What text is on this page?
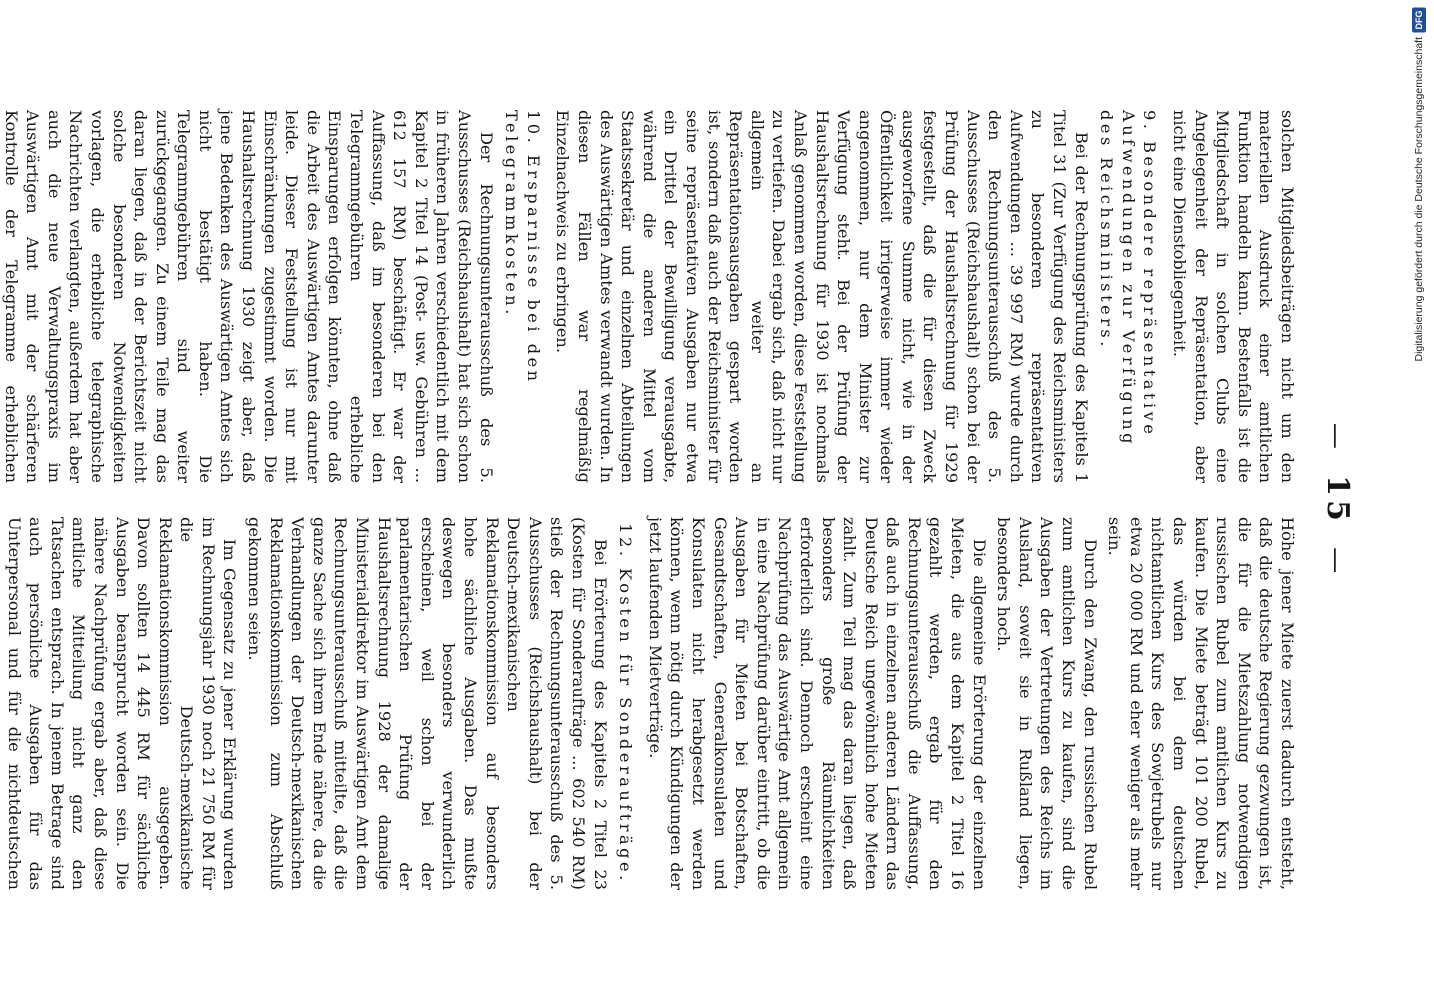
— 15 —

solchen Mitgliedsbeiträgen nicht um den materiellen Ausdruck einer amtlichen Funktion handeln kann. Bestenfalls ist die Mitgliedschaft in solchen Clubs eine Angelegenheit der Repräsentation, aber nicht eine Dienstobliegenheit.

9. Besondere repräsentative Aufwendungen zur Verfügung des Reichsministers.

Bei der Rechnungsprüfung des Kapitels 1 Titel 31 (Zur Verfügung des Reichsministers zu besonderen repräsentativen Aufwendungen ... 39 997 RM) wurde durch den Rechnungsunterausschuß des 5. Ausschusses (Reichshaushalt) schon bei der Prüfung der Haushaltsrechnung für 1929 festgestellt, daß die für diesen Zweck ausgeworfene Summe nicht, wie in der Öffentlichkeit irrigerweise immer wieder angenommen, nur dem Minister zur Verfügung steht. Bei der Prüfung der Haushaltsrechnung für 1930 ist nochmals Anlaß genommen worden, diese Feststellung zu vertiefen. Dabei ergab sich, daß nicht nur allgemein weiter an Repräsentationsausgaben gespart worden ist, sondern daß auch der Reichsminister für seine repräsentativen Ausgaben nur etwa ein Drittel der Bewilligung verausgabte, während die anderen Mittel vom Staatssekretär und einzelnen Abteilungen des Auswärtigen Amtes verwandt wurden. In diesen Fällen war regelmäßig Einzelnachweis zu erbringen.

10. Ersparnisse bei den Telegrammkosten.

Der Rechnungsunterausschuß des 5. Ausschusses (Reichshaushalt) hat sich schon in früheren Jahren verschiedentlich mit dem Kapitel 2 Titel 14 (Post- usw. Gebühren ... 612 157 RM) beschäftigt. Er war der Auffassung, daß im besonderen bei den Telegrammgebühren erhebliche Einsparungen erfolgen könnten, ohne daß die Arbeit des Auswärtigen Amtes darunter leide. Dieser Feststellung ist nur mit Einschränkungen zugestimmt worden. Die Haushaltsrechnung 1930 zeigt aber, daß jene Bedenken des Auswärtigen Amtes sich nicht bestätigt haben. Die Telegrammgebühren sind weiter zurückgegangen. Zu einem Teile mag das daran liegen, daß in der Berichtszeit nicht solche besonderen Notwendigkeiten vorlagen, die erhebliche telegraphische Nachrichten verlangten, außerdem hat aber auch die neue Verwaltungspraxis im Auswärtigen Amt mit der schärferen Kontrolle der Telegramme erheblichen

Höhe jener Miete zuerst dadurch entsteht, daß die deutsche Regierung gezwungen ist, die für die Mietszahlung notwendigen russischen Rubel zum amtlichen Kurs zu kaufen. Die Miete beträgt 101 200 Rubel, das würden bei dem deutschen nichtamtlichen Kurs des Sowjetrubels nur etwa 20 000 RM und eher weniger als mehr sein.

Durch den Zwang, den russischen Rubel zum amtlichen Kurs zu kaufen, sind die Ausgaben der Vertretungen des Reichs im Ausland, soweit sie in Rußland liegen, besonders hoch.

Die allgemeine Erörterung der einzelnen Mieten, die aus dem Kapitel 2 Titel 16 gezahlt werden, ergab für den Rechnungsunterausschuß die Auffassung, daß auch in einzelnen anderen Ländern das Deutsche Reich ungewöhnlich hohe Mieten zahlt. Zum Teil mag das daran liegen, daß besonders große Räumlichkeiten erforderlich sind. Dennoch erscheint eine Nachprüfung das Auswärtige Amt allgemein in eine Nachprüfung darüber eintritt, ob die Ausgaben für Mieten bei Botschaften, Gesandtschaften, Generalkonsulaten und Konsulaten nicht herabgesetzt werden können, wenn nötig durch Kündigungen der jetzt laufenden Mietverträge.

12. Kosten für Sonderaufträge.

Bei Erörterung des Kapitels 2 Titel 23 (Kosten für Sonderaufträge ... 602 540 RM) stieß der Rechnungsunterausschuß des 5. Ausschusses (Reichshaushalt) bei der Deutsch-mexikanischen Reklamationskommission auf besonders hohe sächliche Ausgaben. Das mußte deswegen besonders verwunderlich erscheinen, weil schon bei der parlamentarischen Prüfung der Haushaltsrechnung 1928 der damalige Ministerialdirektor im Auswärtigen Amt dem Rechnungsunterausschuß mitteilte, daß die ganze Sache sich ihrem Ende nähere, da die Verhandlungen der Deutsch-mexikanischen Reklamationskommission zum Abschluß gekommen seien.

Im Gegensatz zu jener Erklärung wurden im Rechnungsjahr 1930 noch 21 750 RM für die Deutsch-mexikanische Reklamationskommission ausgegeben. Davon sollten 14 445 RM für sächliche Ausgaben beansprucht worden sein. Die nähere Nachprüfung ergab aber, daß diese amtliche Mitteilung nicht ganz den Tatsachen entsprach. In jenem Betrage sind auch persönliche Ausgaben für das Unterpersonal und für die nichtdeutschen

Digitalisierung gefördert durch die Deutsche Forschungsgemeinschaft
DFG
